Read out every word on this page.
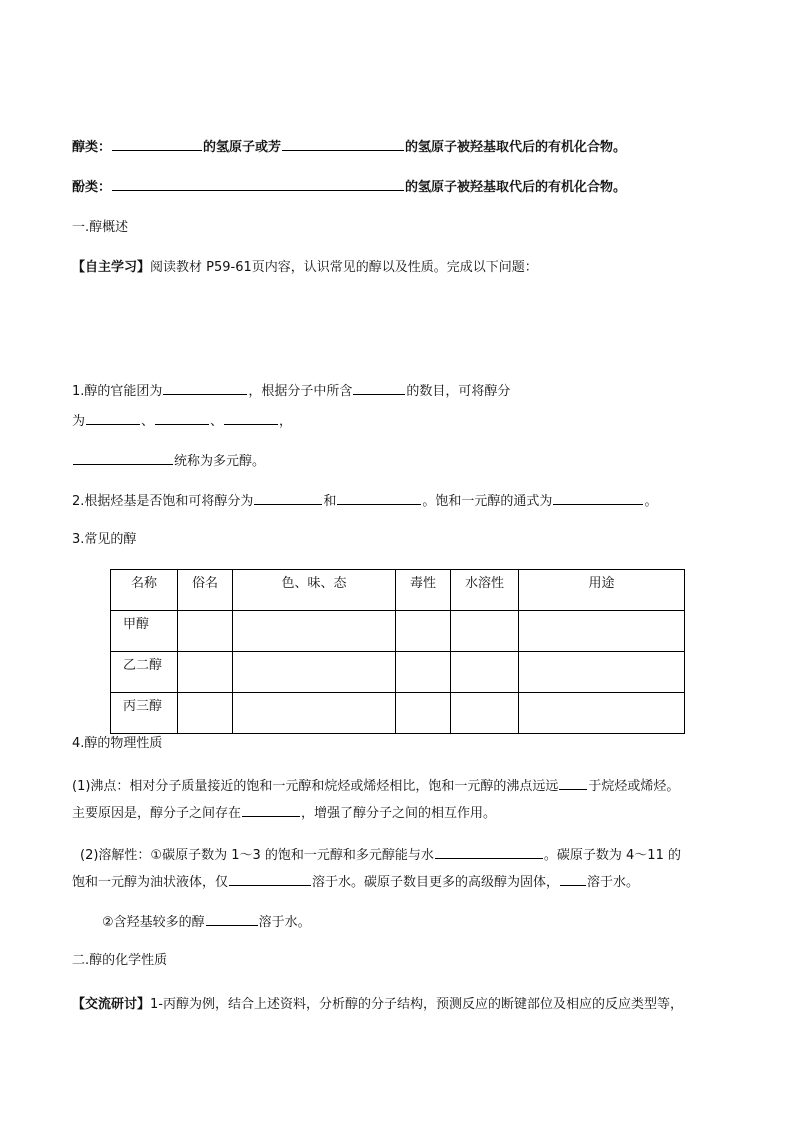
醇类：	的氢原子或芳	的氢原子被羟基取代后的有机化合物。
酚类：	的氢原子被羟基取代后的有机化合物。
一.醇概述
【自主学习】阅读教材 P59-61页内容，认识常见的醇以及性质。完成以下问题：
1.醇的官能团为	，根据分子中所含	的数目，可将醇分
为	、	、	，
统称为多元醇。
2.根据烃基是否饱和可将醇分为	和	。饱和一元醇的通式为	。
3.常见的醇
名称	俗名	色、味、态	毒性	水溶性	用途
甲醇					
乙二醇					
丙三醇					
4.醇的物理性质
(1)沸点：相对分子质量接近的饱和一元醇和烷烃或烯烃相比，饱和一元醇的沸点远远 于烷烃或烯烃。
主要原因是，醇分子之间存在	，增强了醇分子之间的相互作用。
(2)溶解性：①碳原子数为 1～3 的饱和一元醇和多元醇能与水	。碳原子数为 4～11 的
饱和一元醇为油状液体，仅	溶于水。碳原子数目更多的高级醇为固体， 溶于水。
②含羟基较多的醇	溶于水。
二.醇的化学性质
【交流研讨】1-丙醇为例，结合上述资料，分析醇的分子结构，预测反应的断键部位及相应的反应类型等，
